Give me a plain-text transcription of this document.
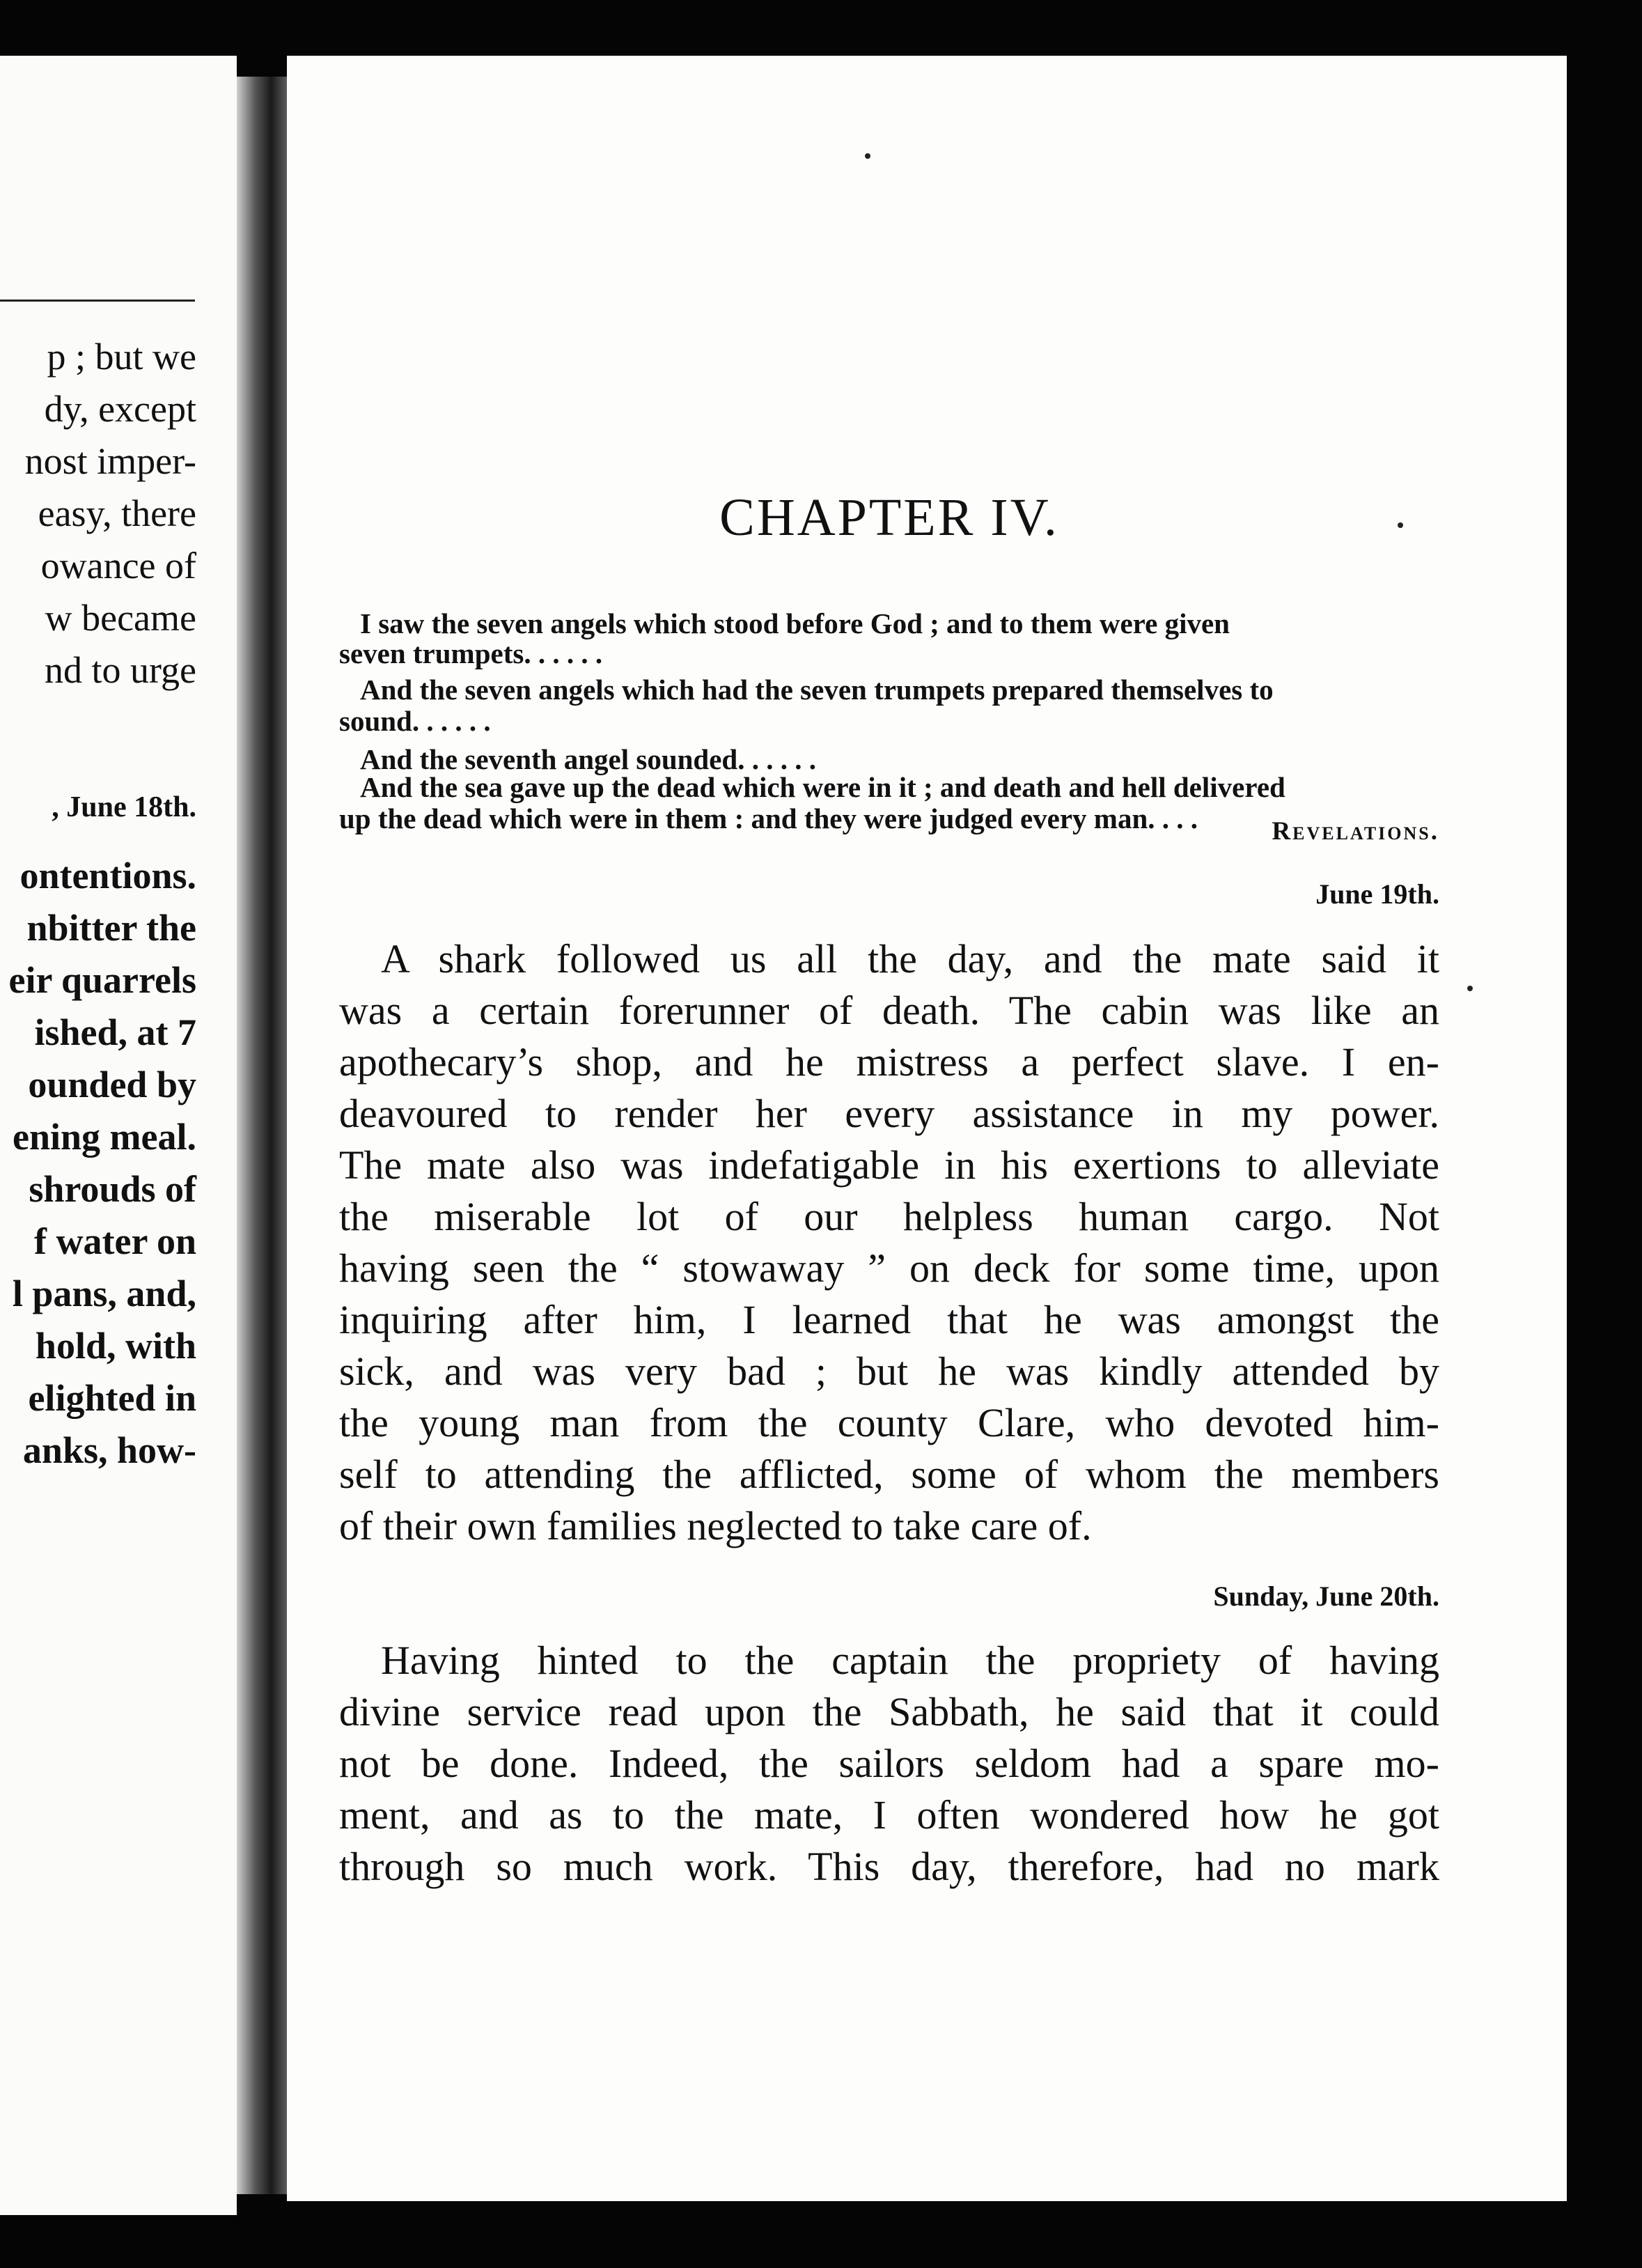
p ; but we
dy, except
nost imper-
easy, there
owance of
w became
nd to urge
, June 18th.
ontentions.
nbitter the
eir quarrels
ished, at 7
ounded by
ening meal.
shrouds of
f water on
l pans, and,
hold, with
elighted in
anks, how-
CHAPTER IV.
I saw the seven angels which stood before God ; and to them were given
seven trumpets. . . . . .
And the seven angels which had the seven trumpets prepared themselves to
sound. . . . . .
And the seventh angel sounded. . . . . .
And the sea gave up the dead which were in it ; and death and hell delivered
up the dead which were in them : and they were judged every man. . . .	Revelations.
June 19th.
A shark followed us all the day, and the mate said it
was a certain forerunner of death. The cabin was like an
apothecary’s shop, and he mistress a perfect slave. I en-
deavoured to render her every assistance in my power.
The mate also was indefatigable in his exertions to alleviate
the miserable lot of our helpless human cargo. Not
having seen the “ stowaway ” on deck for some time, upon
inquiring after him, I learned that he was amongst the
sick, and was very bad ; but he was kindly attended by
the young man from the county Clare, who devoted him-
self to attending the afflicted, some of whom the members
of their own families neglected to take care of.
Sunday, June 20th.
Having hinted to the captain the propriety of having
divine service read upon the Sabbath, he said that it could
not be done. Indeed, the sailors seldom had a spare mo-
ment, and as to the mate, I often wondered how he got
through so much work. This day, therefore, had no mark
